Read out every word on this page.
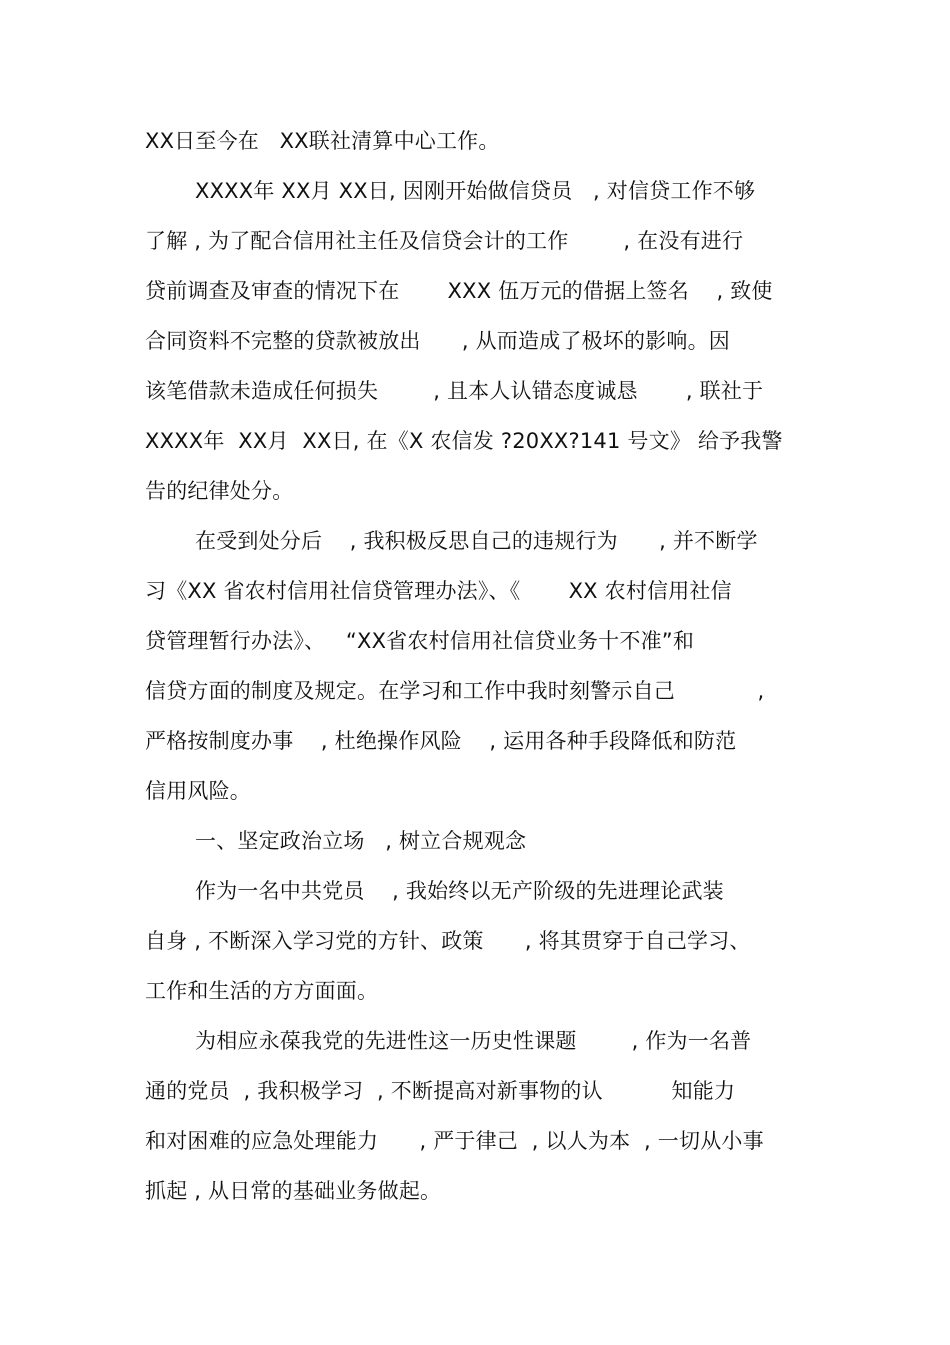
XX日至今在   XX联社清算中心工作。
XXXX年 XX月 XX日, 因刚开始做信贷员   , 对信贷工作不够
了解 , 为了配合信用社主任及信贷会计的工作        , 在没有进行
贷前调查及审查的情况下在       XXX 伍万元的借据上签名    , 致使
合同资料不完整的贷款被放出      , 从而造成了极坏的影响。因
该笔借款未造成任何损失        , 且本人认错态度诚恳       , 联社于
XXXX年  XX月  XX日, 在《X 农信发 ?20XX?141 号文》 给予我警
告的纪律处分。
在受到处分后    , 我积极反思自己的违规行为      , 并不断学
习《XX 省农村信用社信贷管理办法》、《       XX 农村信用社信
贷管理暂行办法》、   “XX省农村信用社信贷业务十不准”和
信贷方面的制度及规定。在学习和工作中我时刻警示自己            ,
严格按制度办事    , 杜绝操作风险    , 运用各种手段降低和防范
信用风险。
一、坚定政治立场   , 树立合规观念
作为一名中共党员    , 我始终以无产阶级的先进理论武装
自身 , 不断深入学习党的方针、政策      , 将其贯穿于自己学习、
工作和生活的方方面面。
为相应永葆我党的先进性这一历史性课题        , 作为一名普
通的党员  , 我积极学习  , 不断提高对新事物的认          知能力
和对困难的应急处理能力      , 严于律己  , 以人为本  , 一切从小事
抓起 , 从日常的基础业务做起。
